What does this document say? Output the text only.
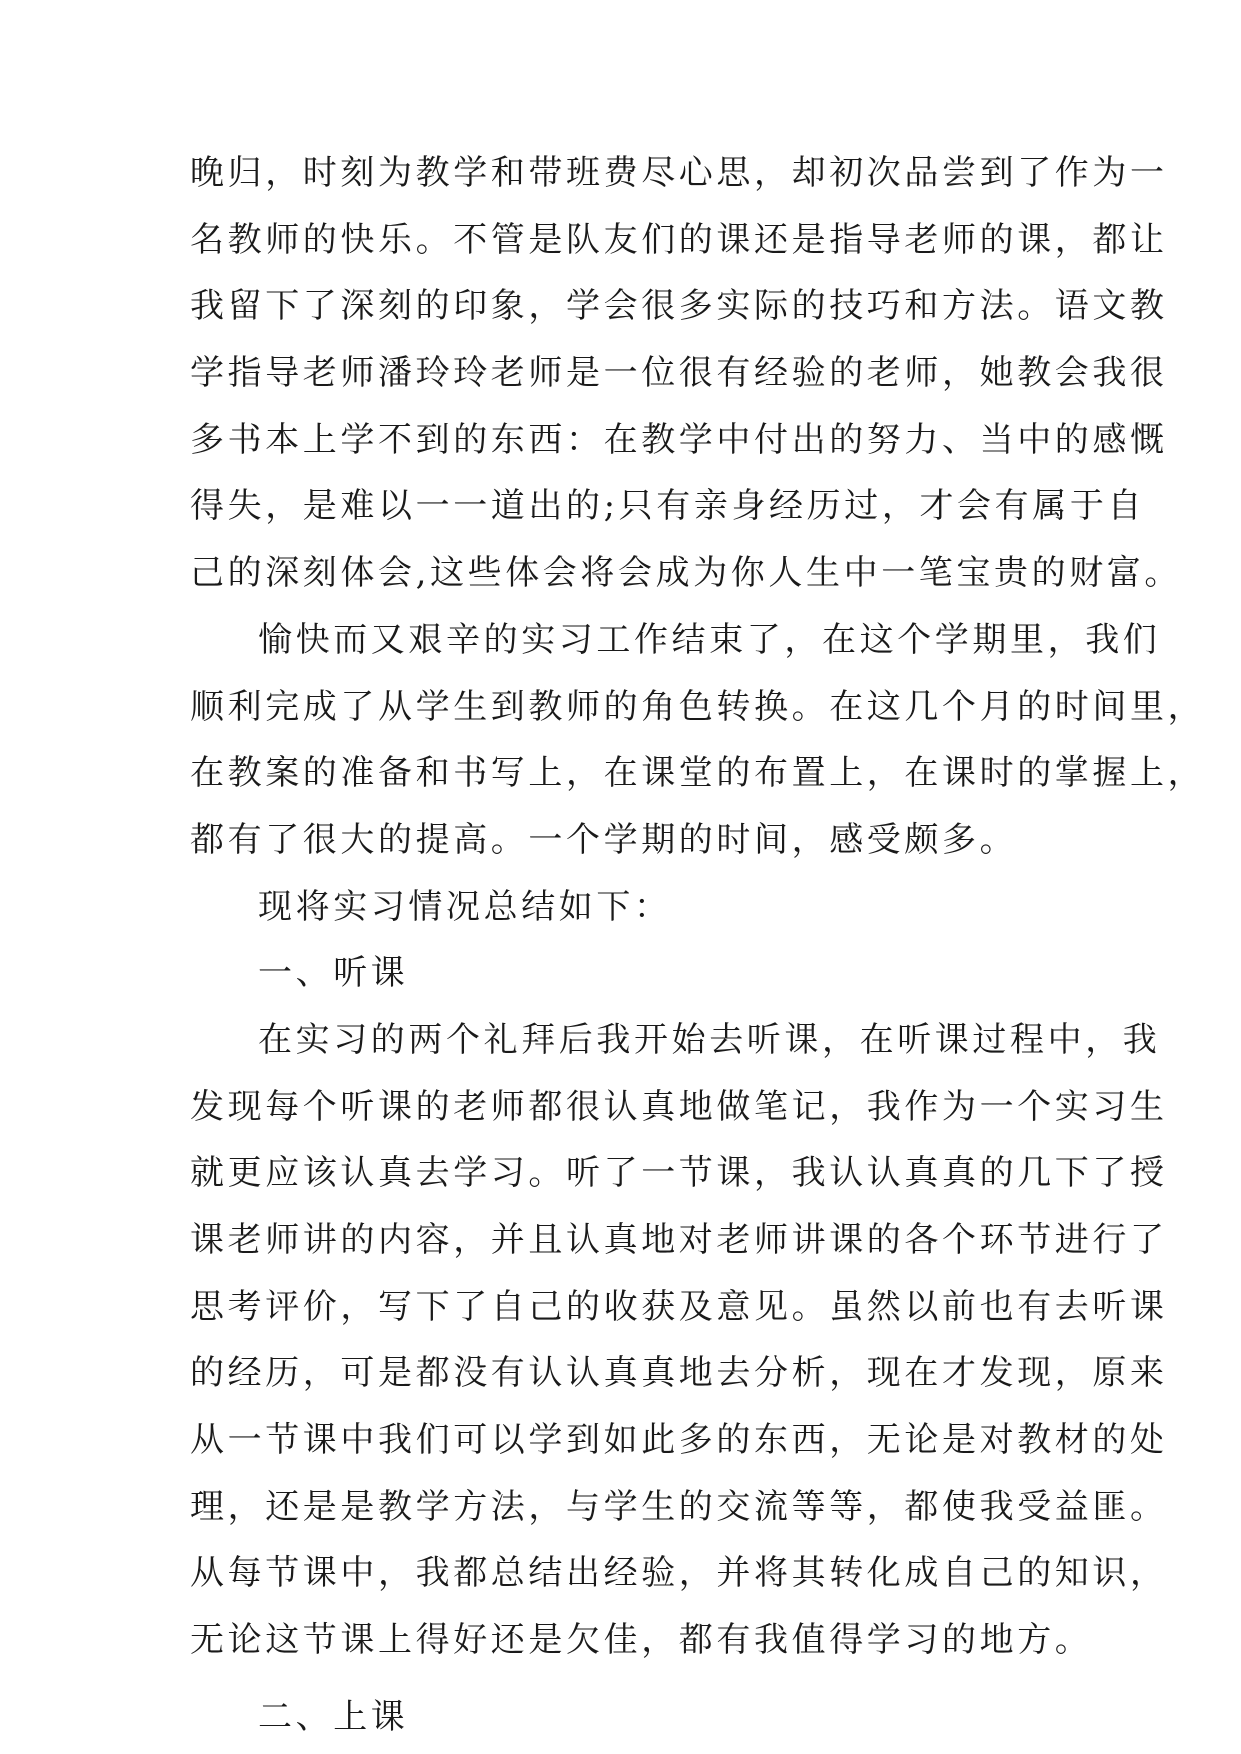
晚归，时刻为教学和带班费尽心思，却初次品尝到了作为一
名教师的快乐。不管是队友们的课还是指导老师的课，都让
我留下了深刻的印象，学会很多实际的技巧和方法。语文教
学指导老师潘玲玲老师是一位很有经验的老师，她教会我很
多书本上学不到的东西：在教学中付出的努力、当中的感慨
得失，是难以一一道出的;只有亲身经历过，才会有属于自
己的深刻体会,这些体会将会成为你人生中一笔宝贵的财富。
愉快而又艰辛的实习工作结束了，在这个学期里，我们
顺利完成了从学生到教师的角色转换。在这几个月的时间里，
在教案的准备和书写上，在课堂的布置上，在课时的掌握上，
都有了很大的提高。一个学期的时间，感受颇多。
现将实习情况总结如下：
一、听课
在实习的两个礼拜后我开始去听课，在听课过程中，我
发现每个听课的老师都很认真地做笔记，我作为一个实习生
就更应该认真去学习。听了一节课，我认认真真的几下了授
课老师讲的内容，并且认真地对老师讲课的各个环节进行了
思考评价，写下了自己的收获及意见。虽然以前也有去听课
的经历，可是都没有认认真真地去分析，现在才发现，原来
从一节课中我们可以学到如此多的东西，无论是对教材的处
理，还是是教学方法，与学生的交流等等，都使我受益匪。
从每节课中，我都总结出经验，并将其转化成自己的知识，
无论这节课上得好还是欠佳，都有我值得学习的地方。
二、上课
